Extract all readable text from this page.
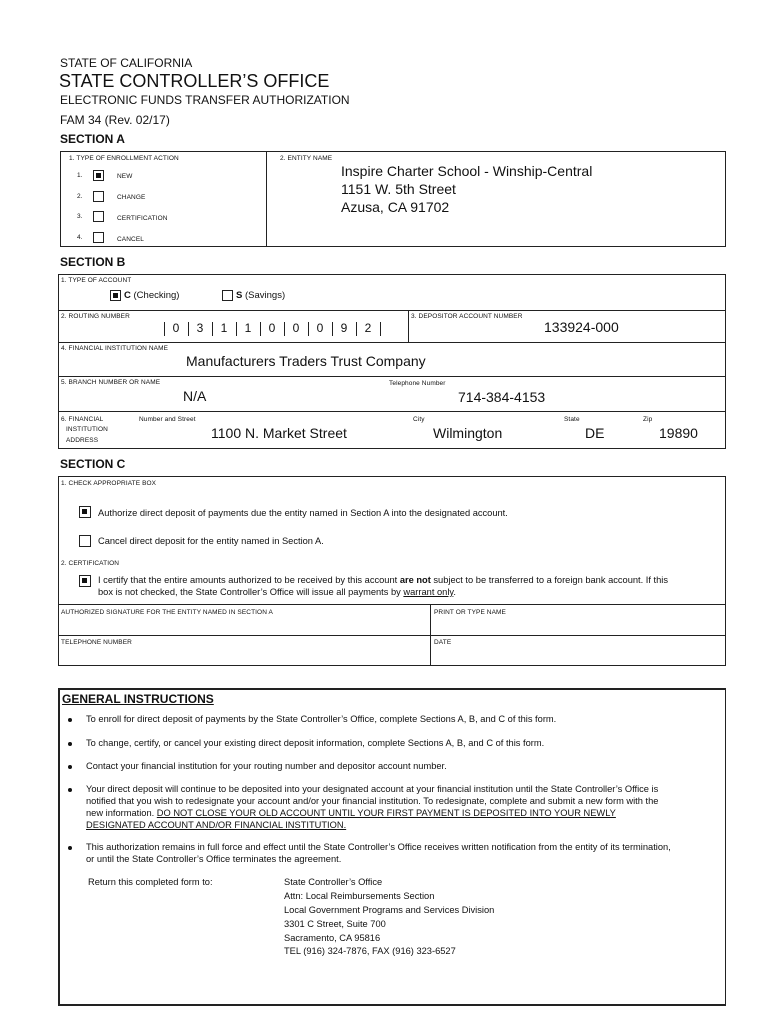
STATE OF CALIFORNIA
STATE CONTROLLER’S OFFICE
ELECTRONIC FUNDS TRANSFER AUTHORIZATION
FAM 34 (Rev. 02/17)
SECTION A
1. TYPE OF ENROLLMENT ACTION
1.	NEW
2.	CHANGE
3.	CERTIFICATION
4.	CANCEL
2. ENTITY NAME
Inspire Charter School - Winship-Central
1151 W. 5th Street
Azusa, CA 91702
SECTION B
1. TYPE OF ACCOUNT
C (Checking)	S (Savings)
2. ROUTING NUMBER
0	3	1	1	0	0	0	9	2
3. DEPOSITOR ACCOUNT NUMBER
133924-000
4. FINANCIAL INSTITUTION NAME
Manufacturers Traders Trust Company
5. BRANCH NUMBER OR NAME
N/A
Telephone Number
714-384-4153
6. FINANCIAL
INSTITUTION
ADDRESS
Number and Street
1100 N. Market Street
City
Wilmington
State
DE
Zip
19890
SECTION C
1. CHECK APPROPRIATE BOX
Authorize direct deposit of payments due the entity named in Section A into the designated account.
Cancel direct deposit for the entity named in Section A.
2. CERTIFICATION
I certify that the entire amounts authorized to be received by this account are not subject to be transferred to a foreign bank account. If this
box is not checked, the State Controller’s Office will issue all payments by warrant only.
AUTHORIZED SIGNATURE FOR THE ENTITY NAMED IN SECTION A	PRINT OR TYPE NAME
TELEPHONE NUMBER	DATE
GENERAL INSTRUCTIONS
To enroll for direct deposit of payments by the State Controller’s Office, complete Sections A, B, and C of this form.
To change, certify, or cancel your existing direct deposit information, complete Sections A, B, and C of this form.
Contact your financial institution for your routing number and depositor account number.
Your direct deposit will continue to be deposited into your designated account at your financial institution until the State Controller’s Office is
notified that you wish to redesignate your account and/or your financial institution. To redesignate, complete and submit a new form with the
new information. DO NOT CLOSE YOUR OLD ACCOUNT UNTIL YOUR FIRST PAYMENT IS DEPOSITED INTO YOUR NEWLY
DESIGNATED ACCOUNT AND/OR FINANCIAL INSTITUTION.
This authorization remains in full force and effect until the State Controller’s Office receives written notification from the entity of its termination,
or until the State Controller’s Office terminates the agreement.
Return this completed form to:	State Controller’s Office
Attn: Local Reimbursements Section
Local Government Programs and Services Division
3301 C Street, Suite 700
Sacramento, CA 95816
TEL (916) 324-7876, FAX (916) 323-6527
